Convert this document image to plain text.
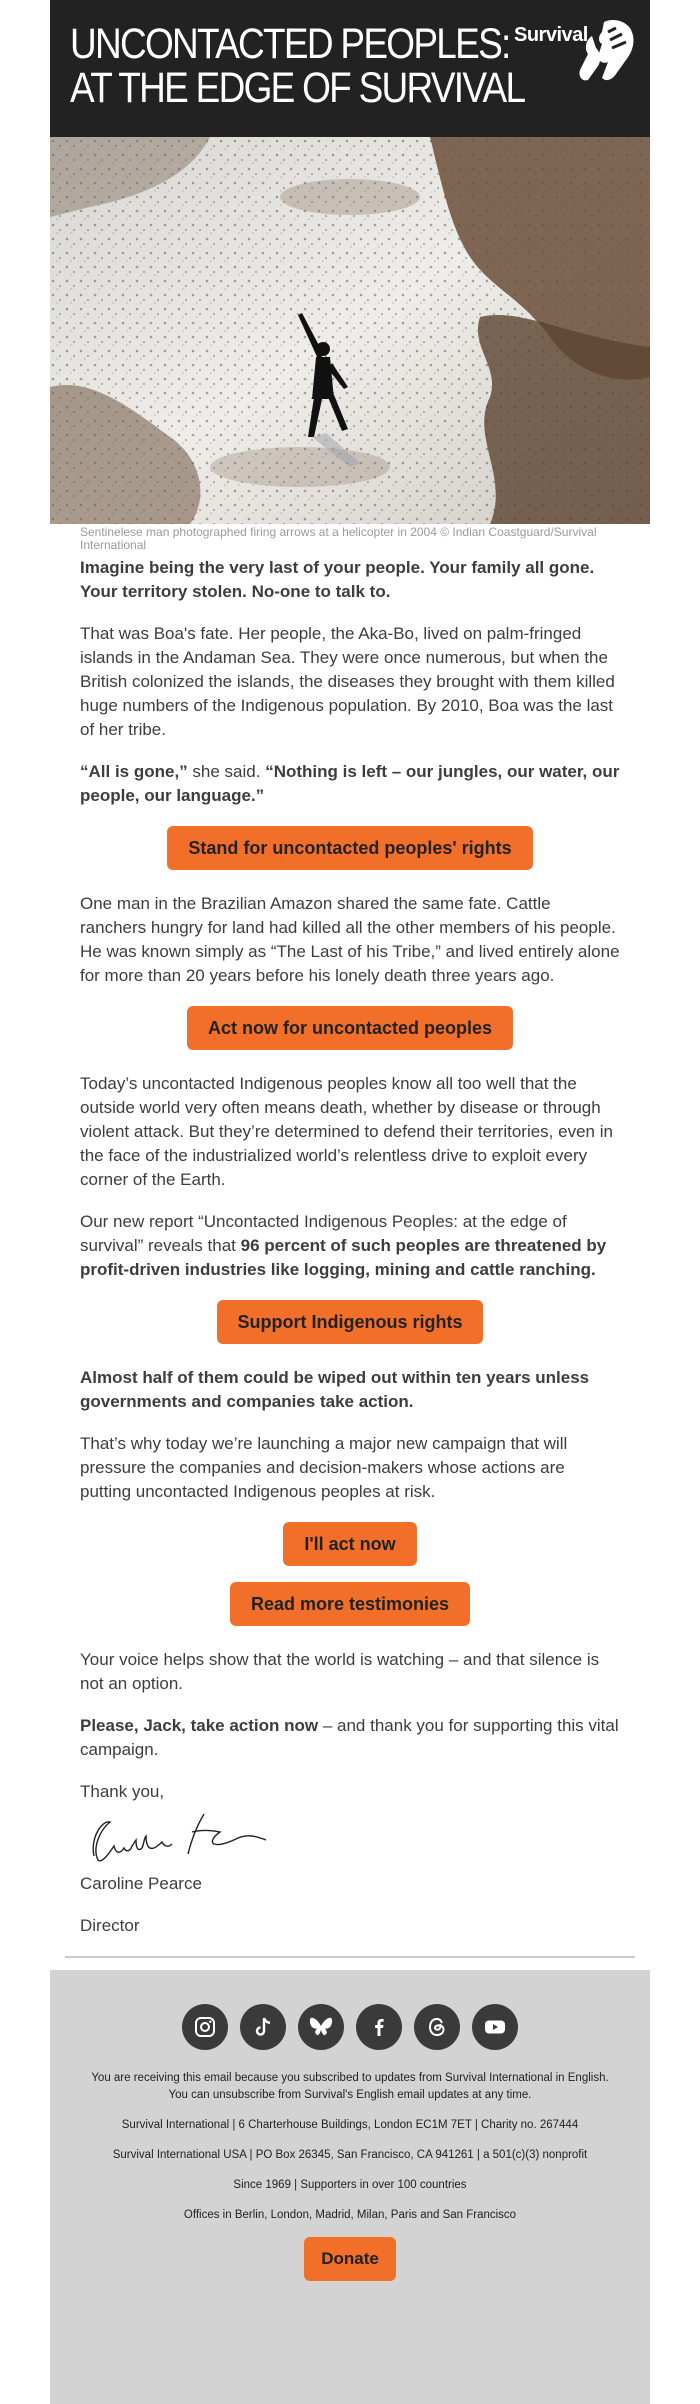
UNCONTACTED PEOPLES:
AT THE EDGE OF SURVIVAL
Survival
Sentinelese man photographed firing arrows at a helicopter in 2004 © Indian Coastguard/Survival International

Imagine being the very last of your people. Your family all gone. Your territory stolen. No-one to talk to.

That was Boa's fate. Her people, the Aka-Bo, lived on palm-fringed islands in the Andaman Sea. They were once numerous, but when the British colonized the islands, the diseases they brought with them killed huge numbers of the Indigenous population. By 2010, Boa was the last of her tribe.

“All is gone,” she said. “Nothing is left – our jungles, our water, our people, our language.”

Stand for uncontacted peoples' rights

One man in the Brazilian Amazon shared the same fate. Cattle ranchers hungry for land had killed all the other members of his people. He was known simply as “The Last of his Tribe,” and lived entirely alone for more than 20 years before his lonely death three years ago.

Act now for uncontacted peoples

Today’s uncontacted Indigenous peoples know all too well that the outside world very often means death, whether by disease or through violent attack. But they’re determined to defend their territories, even in the face of the industrialized world’s relentless drive to exploit every corner of the Earth.

Our new report “Uncontacted Indigenous Peoples: at the edge of survival” reveals that 96 percent of such peoples are threatened by profit-driven industries like logging, mining and cattle ranching.

Support Indigenous rights

Almost half of them could be wiped out within ten years unless governments and companies take action.

That’s why today we’re launching a major new campaign that will pressure the companies and decision-makers whose actions are putting uncontacted Indigenous peoples at risk.

I'll act now
Read more testimonies

Your voice helps show that the world is watching – and that silence is not an option.

Please, Jack, take action now – and thank you for supporting this vital campaign.

Thank you,

Caroline Pearce

Director

You are receiving this email because you subscribed to updates from Survival International in English.
You can unsubscribe from Survival's English email updates at any time.

Survival International | 6 Charterhouse Buildings, London EC1M 7ET | Charity no. 267444

Survival International USA | PO Box 26345, San Francisco, CA 941261 | a 501(c)(3) nonprofit

Since 1969 | Supporters in over 100 countries

Offices in Berlin, London, Madrid, Milan, Paris and San Francisco

Donate
